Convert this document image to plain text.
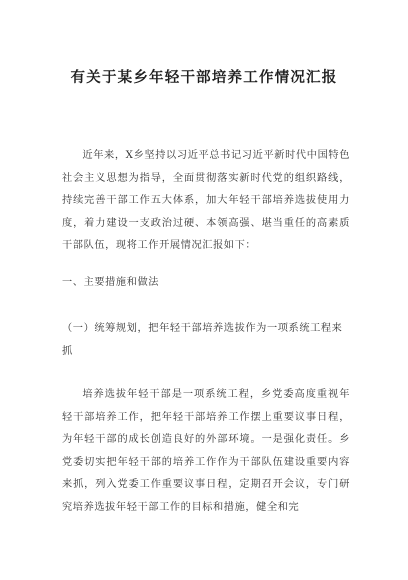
有关于某乡年轻干部培养工作情况汇报

近年来，X乡坚持以习近平总书记习近平新时代中国特色社会主义思想为指导，全面贯彻落实新时代党的组织路线，持续完善干部工作五大体系，加大年轻干部培养选拔使用力度，着力建设一支政治过硬、本领高强、堪当重任的高素质干部队伍，现将工作开展情况汇报如下：

一、主要措施和做法

（一）统筹规划，把年轻干部培养选拔作为一项系统工程来抓

培养选拔年轻干部是一项系统工程，乡党委高度重视年轻干部培养工作，把年轻干部培养工作摆上重要议事日程，为年轻干部的成长创造良好的外部环境。一是强化责任。乡党委切实把年轻干部的培养工作作为干部队伍建设重要内容来抓，列入党委工作重要议事日程，定期召开会议，专门研究培养选拔年轻干部工作的目标和措施，健全和完
